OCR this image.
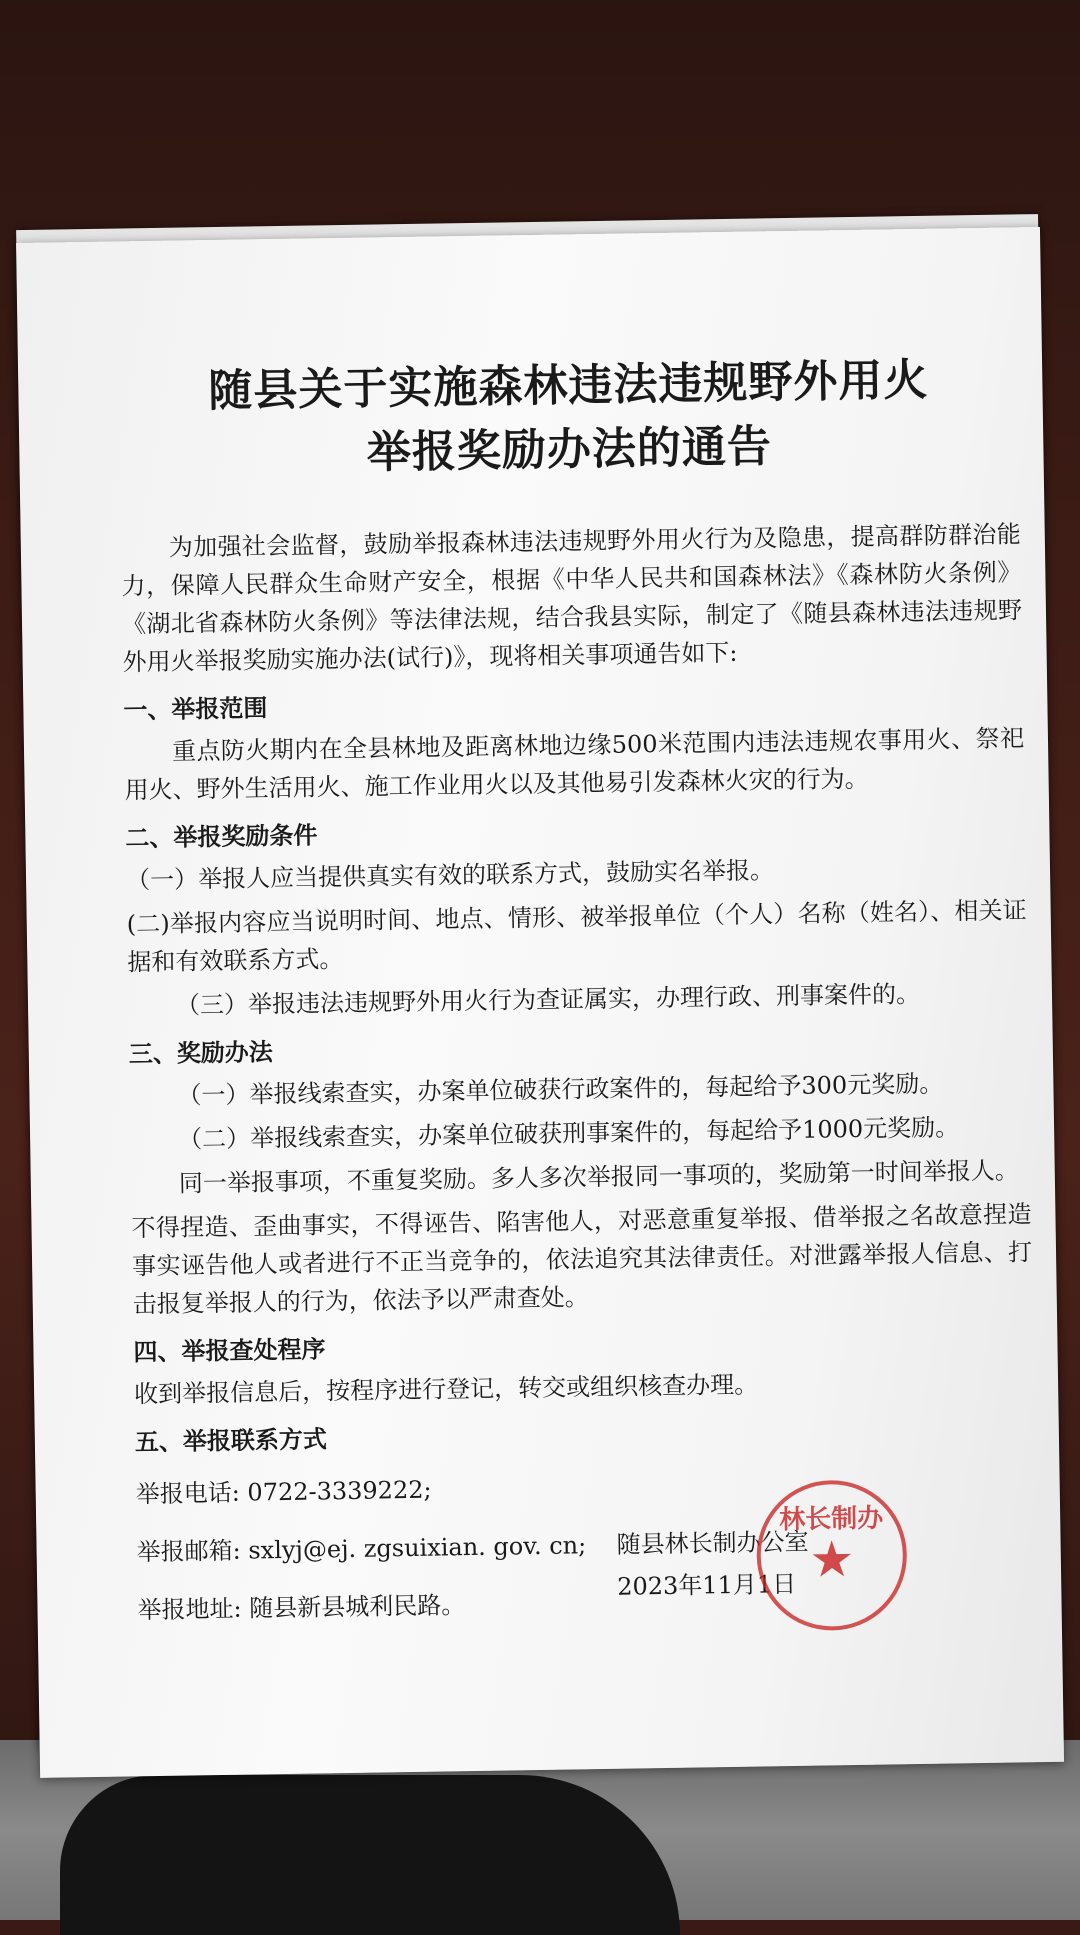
随县关于实施森林违法违规野外用火
举报奖励办法的通告

为加强社会监督，鼓励举报森林违法违规野外用火行为及隐患，提高群防群治能力，保障人民群众生命财产安全，根据《中华人民共和国森林法》《森林防火条例》《湖北省森林防火条例》等法律法规，结合我县实际，制定了《随县森林违法违规野外用火举报奖励实施办法(试行)》，现将相关事项通告如下:

一、举报范围

重点防火期内在全县林地及距离林地边缘500米范围内违法违规农事用火、祭祀用火、野外生活用火、施工作业用火以及其他易引发森林火灾的行为。

二、举报奖励条件

（一）举报人应当提供真实有效的联系方式，鼓励实名举报。

(二)举报内容应当说明时间、地点、情形、被举报单位（个人）名称（姓名）、相关证据和有效联系方式。

（三）举报违法违规野外用火行为查证属实，办理行政、刑事案件的。

三、奖励办法

（一）举报线索查实，办案单位破获行政案件的，每起给予300元奖励。

（二）举报线索查实，办案单位破获刑事案件的，每起给予1000元奖励。

同一举报事项，不重复奖励。多人多次举报同一事项的，奖励第一时间举报人。

不得捏造、歪曲事实，不得诬告、陷害他人，对恶意重复举报、借举报之名故意捏造事实诬告他人或者进行不正当竞争的，依法追究其法律责任。对泄露举报人信息、打击报复举报人的行为，依法予以严肃查处。

四、举报查处程序

收到举报信息后，按程序进行登记，转交或组织核查办理。

五、举报联系方式
举报电话: 0722-3339222;
举报邮箱: sxlyj@ej. zgsuixian. gov. cn;
举报地址: 随县新县城利民路。
随县林长制办公室
2023年11月1日
林长制办
★
